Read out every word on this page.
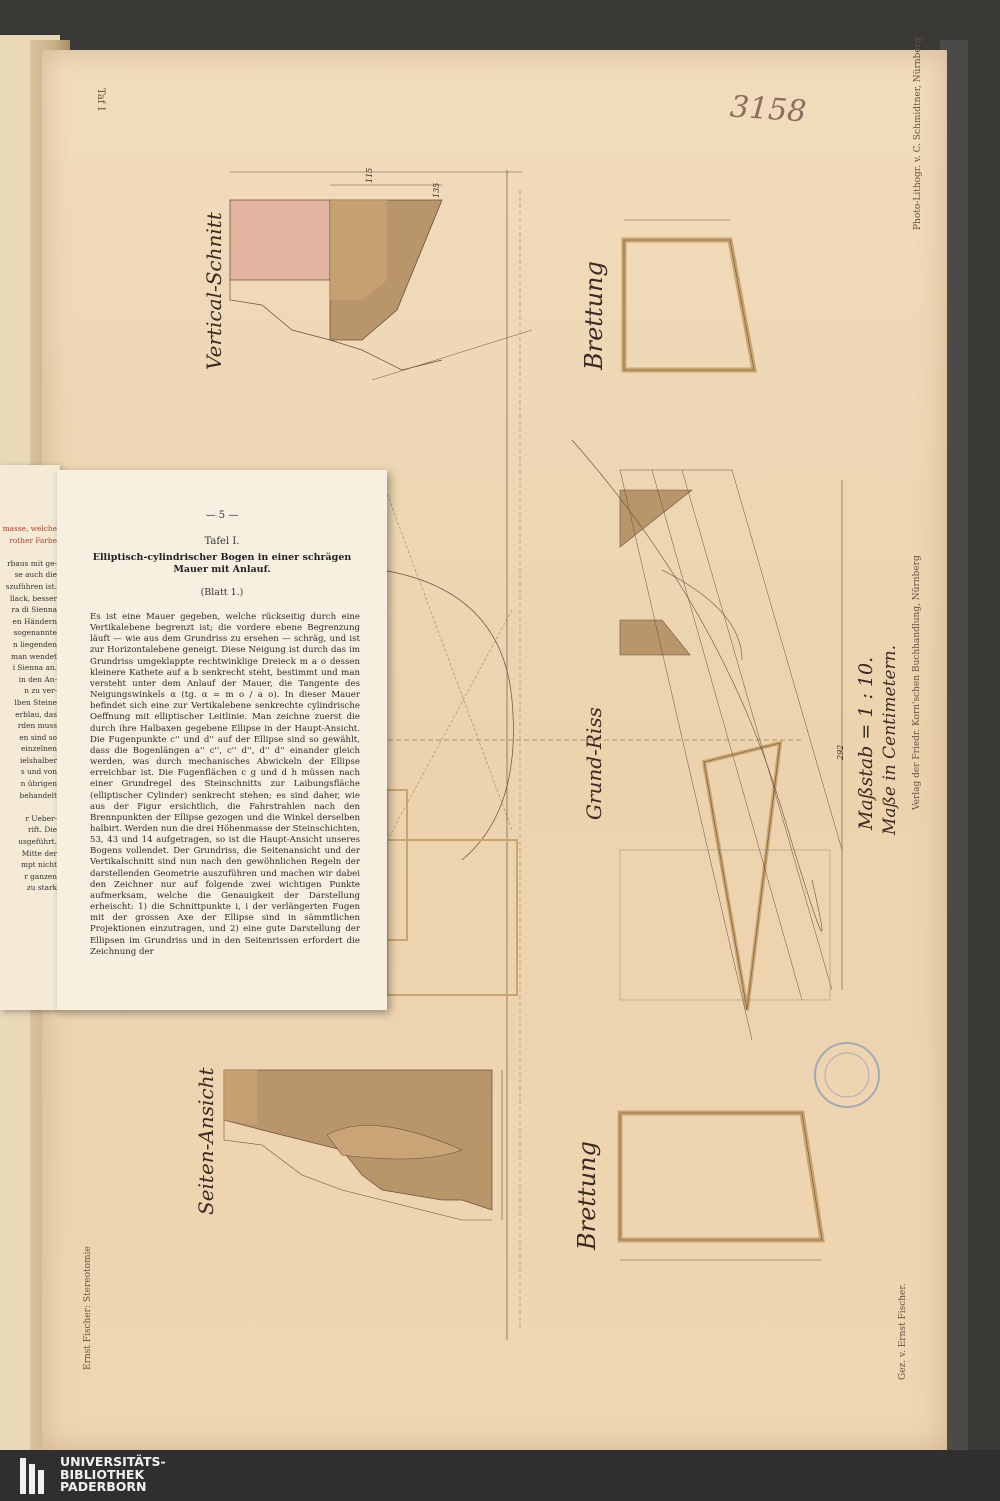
Taf I	3158	Photo-Lithogr. v. C. Schmidtner, Nürnberg
Verlag der Friedr. Korn'schen Buchhandlung, Nürnberg
Ernst Fischer: Stereotomie	Gez. v. Ernst Fischer.
Maßstab = 1 : 10. Maße in Centimetern.
Vertical-Schnitt	Brettung
Grund-Riss
Seiten-Ansicht	Brettung
115
135
292
masse, welche
rother Farbe

rbaus mit ge-
se auch die
szuführen ist.
llack, besser
ra di Sienna
en Händern
sogenannte
n liegenden
man wendet
i Sienna an.
in den An-
n zu ver-
lben Steine
erblau, das
rden muss
en sind so
einzelnen
ielshalber
s und von
n übrigen
behandelt

r Ueber-
rift. Die
usgeführt.
Mitte der
mpt nicht
r ganzen
zu stark
— 5 —
Tafel I.
Elliptisch-cylindrischer Bogen in einer schrägen Mauer mit Anlauf.
(Blatt 1.)
Es ist eine Mauer gegeben, welche rückseitig durch eine Vertikalebene begrenzt ist; die vordere ebene Begrenzung läuft — wie aus dem Grundriss zu ersehen — schräg, und ist zur Horizontalebene geneigt. Diese Neigung ist durch das im Grundriss umgeklappte rechtwinklige Dreieck m a o dessen kleinere Kathete auf a b senkrecht steht, bestimmt und man versteht unter dem Anlauf der Mauer, die Tangente des Neigungswinkels α (tg. α = m o / a o). In dieser Mauer befindet sich eine zur Vertikalebene senkrechte cylindrische Oeffnung mit elliptischer Leitlinie. Man zeichne zuerst die durch ihre Halbaxen gegebene Ellipse in der Haupt-Ansicht. Die Fugenpunkte c'' und d'' auf der Ellipse sind so gewählt, dass die Bogenlängen a'' c'', c'' d'', d'' d'' einander gleich werden, was durch mechanisches Abwickeln der Ellipse erreichbar ist. Die Fugenflächen c g und d h müssen nach einer Grundregel des Steinschnitts zur Laibungsfläche (elliptischer Cylinder) senkrecht stehen; es sind daher, wie aus der Figur ersichtlich, die Fahrstrahlen nach den Brennpunkten der Ellipse gezogen und die Winkel derselben halbirt. Werden nun die drei Höhenmasse der Steinschichten, 53, 43 und 14 aufgetragen, so ist die Haupt-Ansicht unseres Bogens vollendet. Der Grundriss, die Seitenansicht und der Vertikalschnitt sind nun nach den gewöhnlichen Regeln der darstellenden Geometrie auszuführen und machen wir dabei den Zeichner nur auf folgende zwei wichtigen Punkte aufmerksam, welche die Genauigkeit der Darstellung erheischt: 1) die Schnittpunkte i, i der verlängerten Fugen mit der grossen Axe der Ellipse sind in sämmtlichen Projektionen einzutragen, und 2) eine gute Darstellung der Ellipsen im Grundriss und in den Seitenrissen erfordert die Zeichnung der
UNIVERSITÄTS-
BIBLIOTHEK
PADERBORN
